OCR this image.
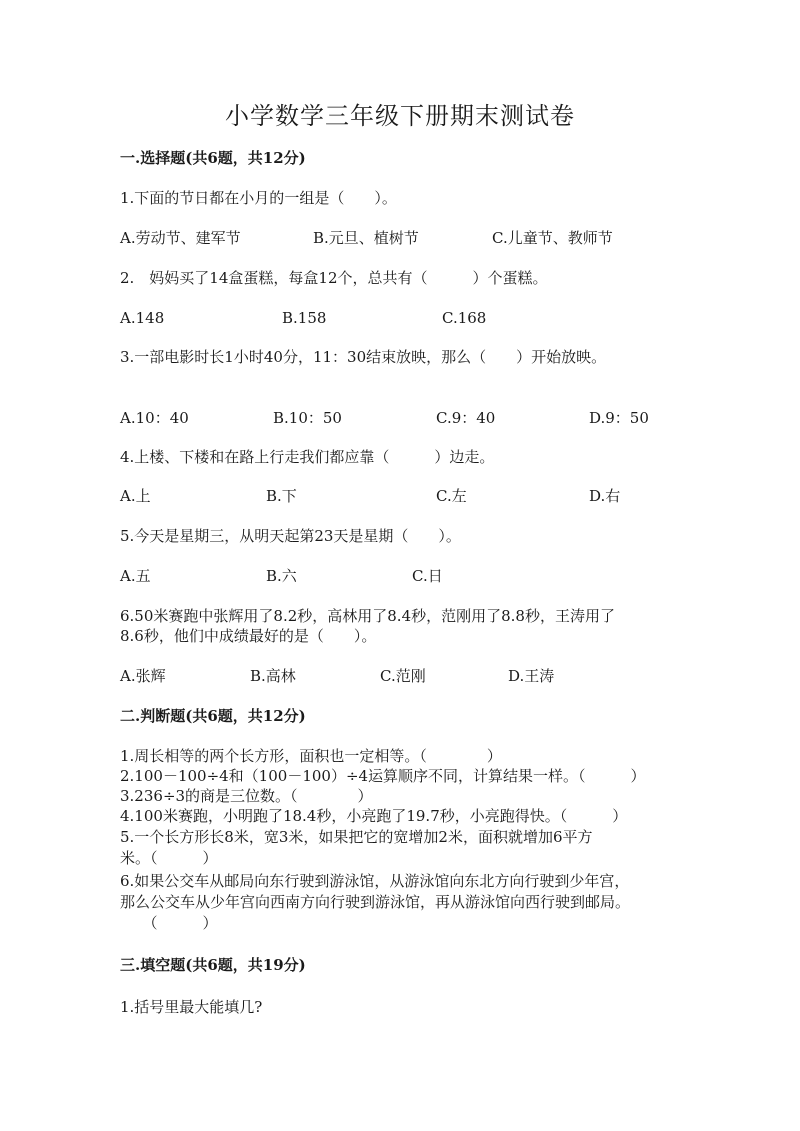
小学数学三年级下册期末测试卷
一.选择题(共6题，共12分)
1.下面的节日都在小月的一组是（　　）。
A.劳动节、建军节	B.元旦、植树节	C.儿童节、教师节
2.　妈妈买了14盒蛋糕，每盒12个，总共有（　　　）个蛋糕。
A.148	B.158	C.168
3.一部电影时长1小时40分，11：30结束放映，那么（　　）开始放映。
A.10：40	B.10：50	C.9：40	D.9：50
4.上楼、下楼和在路上行走我们都应靠（　　　）边走。
A.上	B.下	C.左	D.右
5.今天是星期三，从明天起第23天是星期（　　）。
A.五	B.六	C.日
6.50米赛跑中张辉用了8.2秒，高林用了8.4秒，范刚用了8.8秒，王涛用了
8.6秒，他们中成绩最好的是（　　）。
A.张辉	B.高林	C.范刚	D.王涛
二.判断题(共6题，共12分)
1.周长相等的两个长方形，面积也一定相等。（　　　　）
2.100－100÷4和（100－100）÷4运算顺序不同，计算结果一样。（　　　）
3.236÷3的商是三位数。（　　　　）
4.100米赛跑，小明跑了18.4秒，小亮跑了19.7秒，小亮跑得快。（　　　）
5.一个长方形长8米，宽3米，如果把它的宽增加2米，面积就增加6平方
米。（　　　）
6.如果公交车从邮局向东行驶到游泳馆，从游泳馆向东北方向行驶到少年宫，
那么公交车从少年宫向西南方向行驶到游泳馆，再从游泳馆向西行驶到邮局。
　　（　　　）
三.填空题(共6题，共19分)
1.括号里最大能填几?
